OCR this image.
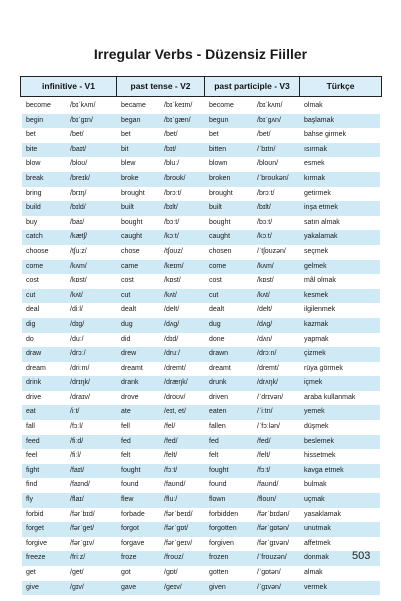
Irregular Verbs - Düzensiz Fiiller
infinitive - V1	past tense - V2	past participle - V3	Türkçe
become	/bɪˈkʌm/	became	/bɪˈkeɪm/	become	/bɪˈkʌm/	olmak
begin	/bɪˈgɪn/	began	/bɪˈgæn/	begun	/bɪˈgʌn/	başlamak
bet	/bet/	bet	/bet/	bet	/bet/	bahse girmek
bite	/baɪt/	bit	/bɪt/	bitten	/ˈbɪtn/	ısırmak
blow	/bloʊ/	blew	/bluː/	blown	/bloʊn/	esmek
break	/breɪk/	broke	/broʊk/	broken	/ˈbroʊkən/	kırmak
bring	/brɪŋ/	brought	/brɔːt/	brought	/brɔːt/	getirmek
build	/bɪld/	built	/bɪlt/	built	/bɪlt/	inşa etmek
buy	/baɪ/	bought	/bɔːt/	bought	/bɔːt/	satın almak
catch	/kætʃ/	caught	/kɔːt/	caught	/kɔːt/	yakalamak
choose	/tʃuːz/	chose	/tʃoʊz/	chosen	/ˈtʃoʊzən/	seçmek
come	/kʌm/	came	/keɪm/	come	/kʌm/	gelmek
cost	/kɒst/	cost	/kɒst/	cost	/kɒst/	mâl olmak
cut	/kʌt/	cut	/kʌt/	cut	/kʌt/	kesmek
deal	/diːl/	dealt	/delt/	dealt	/delt/	ilgilenmek
dig	/dɪg/	dug	/dʌg/	dug	/dʌg/	kazmak
do	/duː/	did	/dɪd/	done	/dʌn/	yapmak
draw	/drɔː/	drew	/druː/	drawn	/drɔːn/	çizmek
dream	/driːm/	dreamt	/dremt/	dreamt	/dremt/	rüya görmek
drink	/drɪŋk/	drank	/dræŋk/	drunk	/drʌŋk/	içmek
drive	/draɪv/	drove	/droʊv/	driven	/ˈdrɪvən/	araba kullanmak
eat	/iːt/	ate	/eɪt, et/	eaten	/ˈiːtn/	yemek
fall	/fɔːl/	fell	/fel/	fallen	/ˈfɔːlən/	düşmek
feed	/fiːd/	fed	/fed/	fed	/fed/	beslemek
feel	/fiːl/	felt	/felt/	felt	/felt/	hissetmek
fight	/faɪt/	fought	/fɔːt/	fought	/fɔːt/	kavga etmek
find	/faɪnd/	found	/faʊnd/	found	/faʊnd/	bulmak
fly	/flaɪ/	flew	/fluː/	flown	/floʊn/	uçmak
forbid	/fərˈbɪd/	forbade	/fərˈbeɪd/	forbidden	/fərˈbɪdən/	yasaklamak
forget	/fərˈget/	forgot	/fərˈgɒt/	forgotten	/fərˈgɒtən/	unutmak
forgive	/fərˈgɪv/	forgave	/fərˈgeɪv/	forgiven	/fərˈgɪvən/	affetmek
freeze	/friːz/	froze	/froʊz/	frozen	/ˈfroʊzən/	donmak
get	/get/	got	/gɒt/	gotten	/ˈgɒtən/	almak
give	/gɪv/	gave	/geɪv/	given	/ˈgɪvən/	vermek
503
